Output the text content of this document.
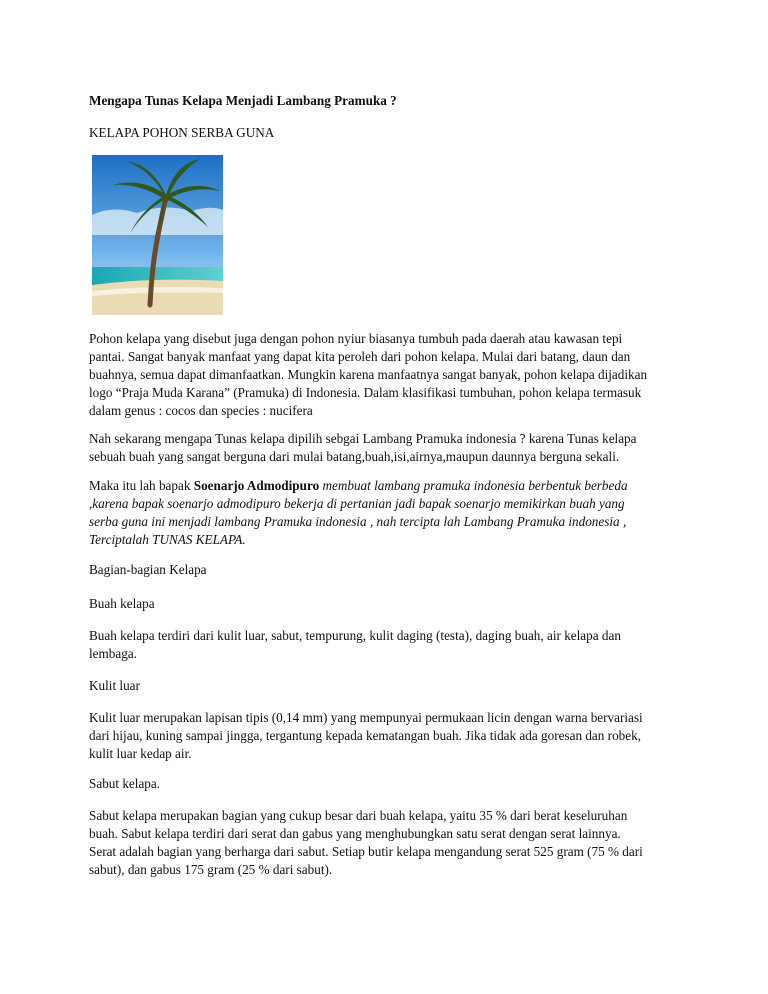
Mengapa Tunas Kelapa Menjadi Lambang Pramuka ?
KELAPA POHON SERBA GUNA
Pohon kelapa yang disebut juga dengan pohon nyiur biasanya tumbuh pada daerah atau kawasan tepi
pantai. Sangat banyak manfaat yang dapat kita peroleh dari pohon kelapa. Mulai dari batang, daun dan
buahnya, semua dapat dimanfaatkan. Mungkin karena manfaatnya sangat banyak, pohon kelapa dijadikan
logo “Praja Muda Karana” (Pramuka) di Indonesia. Dalam klasifikasi tumbuhan, pohon kelapa termasuk
dalam genus : cocos dan species : nucifera
Nah sekarang mengapa Tunas kelapa dipilih sebgai Lambang Pramuka indonesia ? karena Tunas kelapa
sebuah buah yang sangat berguna dari mulai batang,buah,isi,airnya,maupun daunnya berguna sekali.
Maka itu lah bapak Soenarjo Admodipuro membuat lambang pramuka indonesia berbentuk berbeda
,karena bapak soenarjo admodipuro bekerja di pertanian jadi bapak soenarjo memikirkan buah yang
serba guna ini menjadi lambang Pramuka indonesia , nah tercipta lah Lambang Pramuka indonesia ,
Terciptalah TUNAS KELAPA.
Bagian-bagian Kelapa
Buah kelapa
Buah kelapa terdiri dari kulit luar, sabut, tempurung, kulit daging (testa), daging buah, air kelapa dan
lembaga.
Kulit luar
Kulit luar merupakan lapisan tipis (0,14 mm) yang mempunyai permukaan licin dengan warna bervariasi
dari hijau, kuning sampai jingga, tergantung kepada kematangan buah. Jika tidak ada goresan dan robek,
kulit luar kedap air.
Sabut kelapa.
Sabut kelapa merupakan bagian yang cukup besar dari buah kelapa, yaitu 35 % dari berat keseluruhan
buah. Sabut kelapa terdiri dari serat dan gabus yang menghubungkan satu serat dengan serat lainnya.
Serat adalah bagian yang berharga dari sabut. Setiap butir kelapa mengandung serat 525 gram (75 % dari
sabut), dan gabus 175 gram (25 % dari sabut).
